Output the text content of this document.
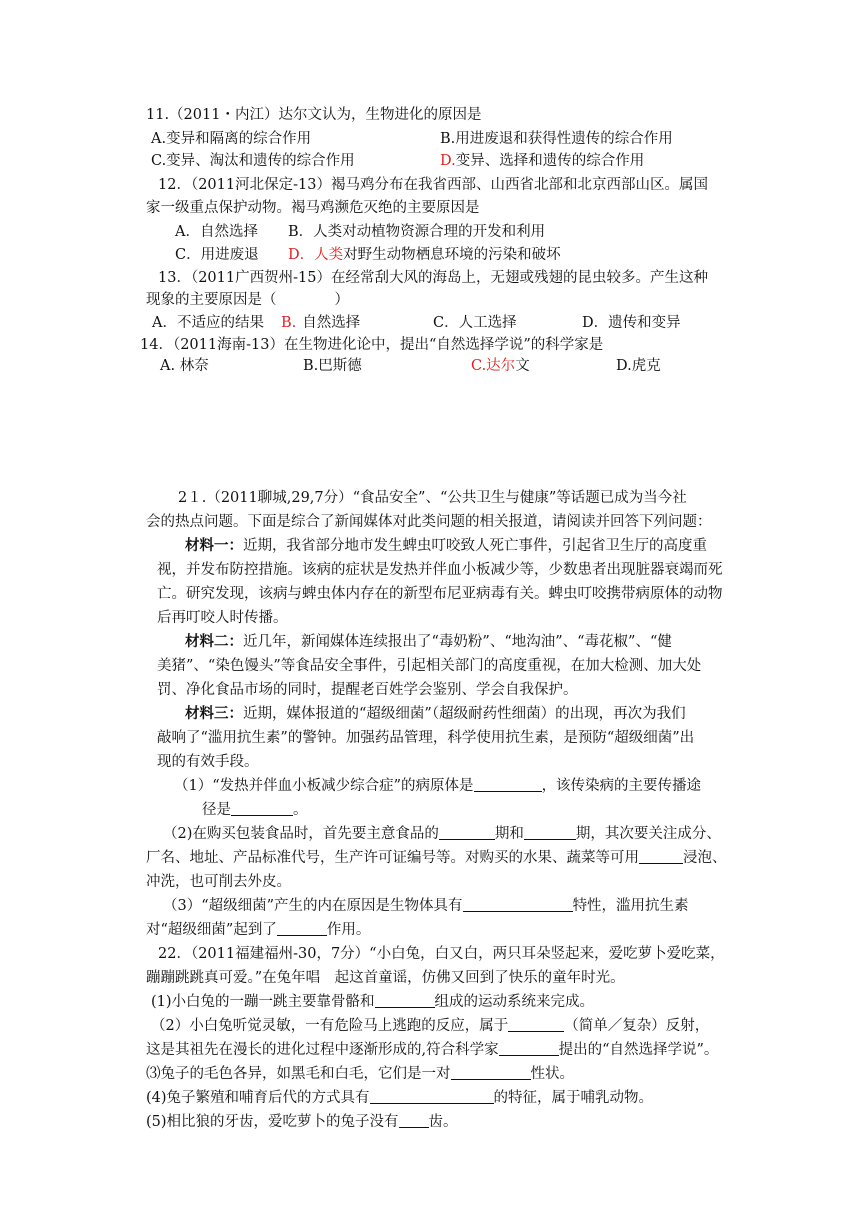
11.（2011・内江）达尔文认为，生物进化的原因是
A.变异和隔离的综合作用	B.用进废退和获得性遗传的综合作用
C.变异、淘汰和遗传的综合作用	D.变异、选择和遗传的综合作用
12．（2011河北保定-13）褐马鸡分布在我省西部、山西省北部和北京西部山区。属国
家一级重点保护动物。褐马鸡濒危灭绝的主要原因是
A．自然选择 B．人类对动植物资源合理的开发和利用
C．用进废退 D．人类对野生动物栖息环境的污染和破坏
13．（2011广西贺州-15）在经常刮大风的海岛上，无翅或残翅的昆虫较多。产生这种
现象的主要原因是（　　　　）
A．不适应的结果 B. 自然选择	C．人工选择	D．遗传和变异
14．（2011海南-13）在生物进化论中，提出“自然选择学说”的科学家是
A. 林奈	B.巴斯德	C.达尔文	D.虎克
2１.（2011聊城,29,7分）“食品安全”、“公共卫生与健康”等话题已成为当今社
会的热点问题。下面是综合了新闻媒体对此类问题的相关报道，请阅读并回答下列问题：
材料一：近期，我省部分地市发生蜱虫叮咬致人死亡事件，引起省卫生厅的高度重
视，并发布防控措施。该病的症状是发热并伴血小板减少等，少数患者出现脏器衰竭而死
亡。研究发现，该病与蜱虫体内存在的新型布尼亚病毒有关。蜱虫叮咬携带病原体的动物
后再叮咬人时传播。
材料二：近几年，新闻媒体连续报出了“毒奶粉”、“地沟油”、“毒花椒”、“健
美猪”、“染色馒头”等食品安全事件，引起相关部门的高度重视，在加大检测、加大处
罚、净化食品市场的同时，提醒老百姓学会鉴别、学会自我保护。
材料三：近期，媒体报道的“超级细菌”（超级耐药性细菌）的出现，再次为我们
敲响了“滥用抗生素”的警钟。加强药品管理，科学使用抗生素，是预防“超级细菌”出
现的有效手段。
（1）“发热并伴血小板减少综合症”的病原体是	，该传染病的主要传播途
径是	。
（2)在购买包装食品时，首先要主意食品的	期和	期，其次要关注成分、
厂名、地址、产品标准代号，生产许可证编号等。对购买的水果、蔬菜等可用	浸泡、
冲洗，也可削去外皮。
（3）“超级细菌”产生的内在原因是生物体具有	特性，滥用抗生素
对“超级细菌”起到了	作用。
22．（2011福建福州-30，7分）“小白兔，白又白，两只耳朵竖起来，爱吃萝卜爱吃菜，
蹦蹦跳跳真可爱。”在兔年唱　起这首童谣，仿佛又回到了快乐的童年时光。
(1)小白兔的一蹦一跳主要靠骨骼和	组成的运动系统来完成。
（2）小白兔听觉灵敏，一有危险马上逃跑的反应，属于	（简单／复杂）反射，
这是其祖先在漫长的进化过程中逐渐形成的,符合科学家	提出的“自然选择学说”。
⑶兔子的毛色各异，如黑毛和白毛，它们是一对	性状。
(4)兔子繁殖和哺育后代的方式具有	的特征，属于哺乳动物。
(5)相比狼的牙齿，爱吃萝卜的兔子没有 齿。
